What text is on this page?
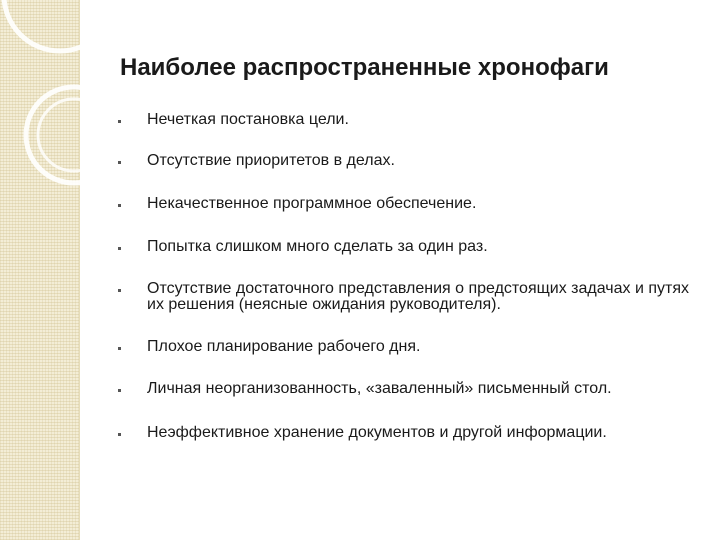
Наиболее распространенные хронофаги
Нечеткая постановка цели.
Отсутствие приоритетов в делах.
Некачественное программное обеспечение.
Попытка слишком много сделать за один раз.
Отсутствие достаточного представления о предстоящих задачах и путях их решения (неясные ожидания руководителя).
Плохое планирование рабочего дня.
Личная неорганизованность, «заваленный» письменный стол.
Неэффективное хранение документов и другой информации.
